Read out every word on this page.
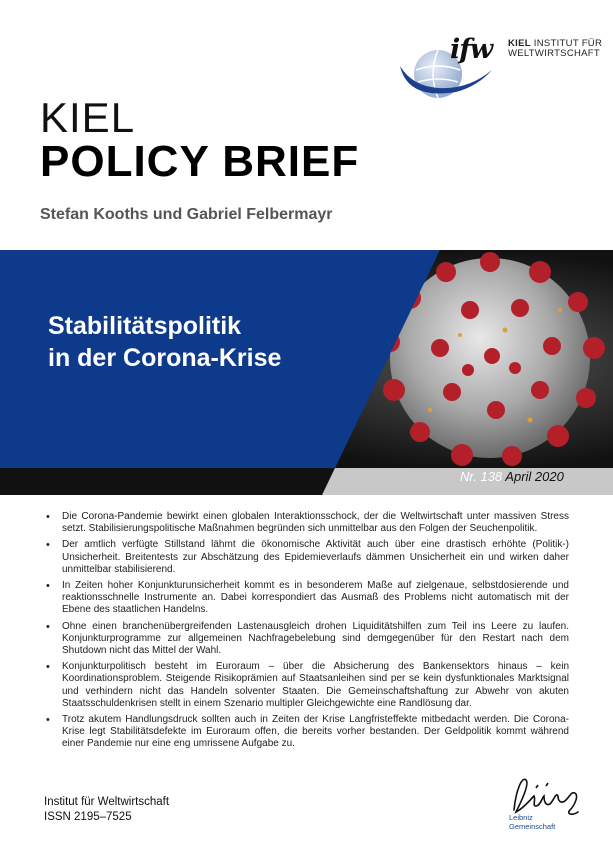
ifw KIEL INSTITUT FÜR
WELTWIRTSCHAFT
KIEL
POLICY BRIEF
Stefan Kooths und Gabriel Felbermayr
Stabilitätspolitik
in der Corona-Krise
Nr. 138 April 2020
• Die Corona-Pandemie bewirkt einen globalen Interaktionsschock, der die Weltwirtschaft unter massiven Stress setzt. Stabilisierungspolitische Maßnahmen begründen sich unmittelbar aus den Folgen der Seuchenpolitik.
• Der amtlich verfügte Stillstand lähmt die ökonomische Aktivität auch über eine drastisch erhöhte (Politik-) Unsicherheit. Breitentests zur Abschätzung des Epidemieverlaufs dämmen Unsicherheit ein und wirken daher unmittelbar stabilisierend.
• In Zeiten hoher Konjunkturunsicherheit kommt es in besonderem Maße auf zielgenaue, selbstdosierende und reaktionsschnelle Instrumente an. Dabei korrespondiert das Ausmaß des Problems nicht automatisch mit der Ebene des staatlichen Handelns.
• Ohne einen branchenübergreifenden Lastenausgleich drohen Liquiditätshilfen zum Teil ins Leere zu laufen. Konjunkturprogramme zur allgemeinen Nachfragebelebung sind demgegenüber für den Restart nach dem Shutdown nicht das Mittel der Wahl.
• Konjunkturpolitisch besteht im Euroraum – über die Absicherung des Bankensektors hinaus – kein Koordinationsproblem. Steigende Risikoprämien auf Staatsanleihen sind per se kein dysfunktionales Marktsignal und verhindern nicht das Handeln solventer Staaten. Die Gemeinschaftshaftung zur Abwehr von akuten Staatsschuldenkrisen stellt in einem Szenario multipler Gleichgewichte eine Randlösung dar.
• Trotz akutem Handlungsdruck sollten auch in Zeiten der Krise Langfristeffekte mitbedacht werden. Die Corona-Krise legt Stabilitätsdefekte im Euroraum offen, die bereits vorher bestanden. Der Geldpolitik kommt während einer Pandemie nur eine eng umrissene Aufgabe zu.
Institut für Weltwirtschaft
ISSN 2195–7525	Leibniz
Gemeinschaft
